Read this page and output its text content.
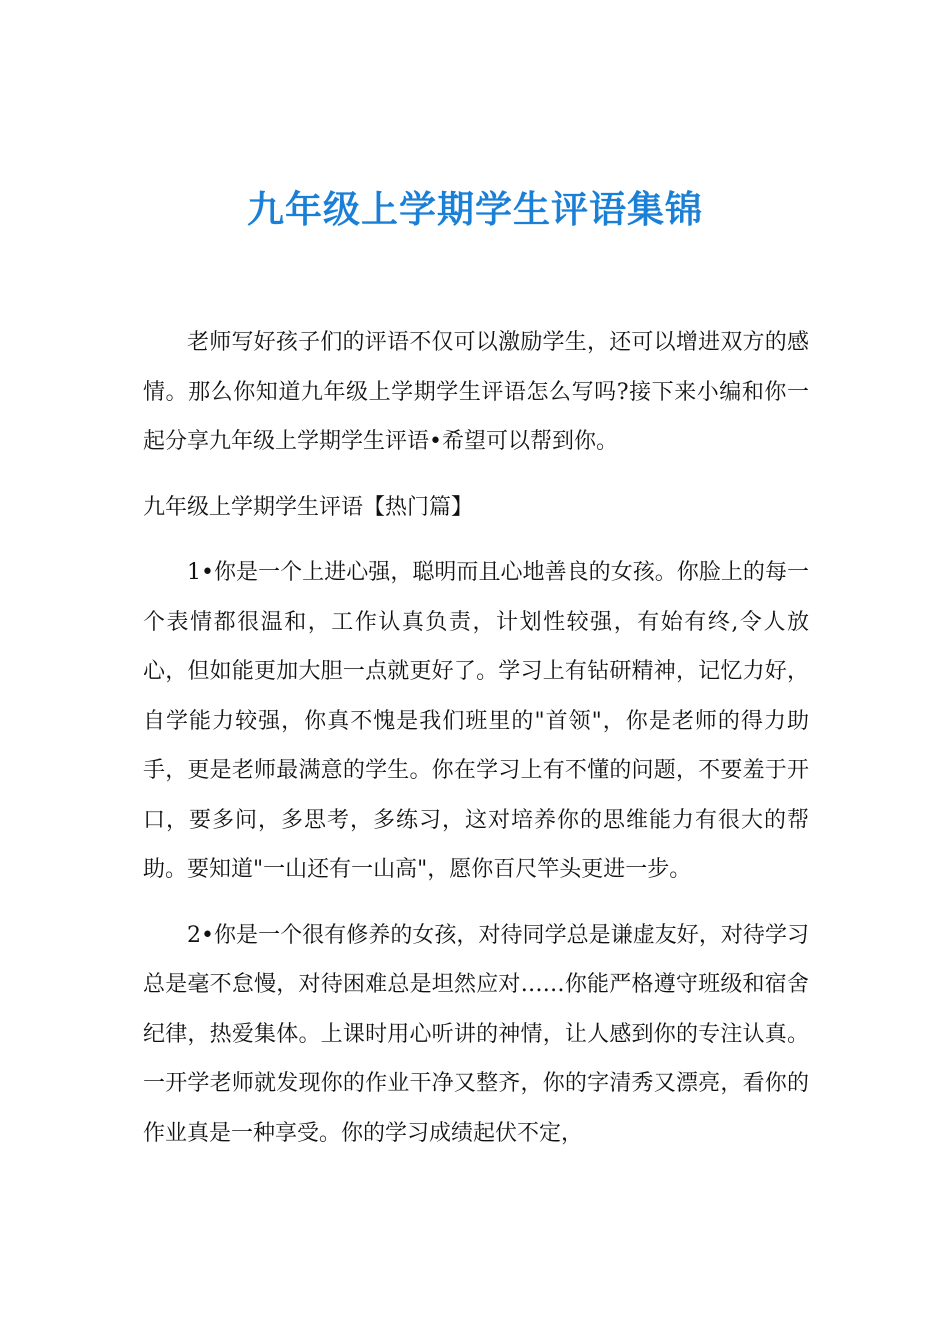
九年级上学期学生评语集锦

老师写好孩子们的评语不仅可以激励学生，还可以增进双方的感情。那么你知道九年级上学期学生评语怎么写吗?接下来小编和你一起分享九年级上学期学生评语•希望可以帮到你。

九年级上学期学生评语【热门篇】

1•你是一个上进心强，聪明而且心地善良的女孩。你脸上的每一个表情都很温和，工作认真负责，计划性较强，有始有终,令人放心，但如能更加大胆一点就更好了。学习上有钻研精神，记忆力好，自学能力较强，你真不愧是我们班里的"首领"，你是老师的得力助手，更是老师最满意的学生。你在学习上有不懂的问题，不要羞于开口，要多问，多思考，多练习，这对培养你的思维能力有很大的帮助。要知道"一山还有一山高"，愿你百尺竿头更进一步。

2•你是一个很有修养的女孩，对待同学总是谦虚友好，对待学习总是毫不怠慢，对待困难总是坦然应对……你能严格遵守班级和宿舍纪律，热爱集体。上课时用心听讲的神情，让人感到你的专注认真。一开学老师就发现你的作业干净又整齐，你的字清秀又漂亮，看你的作业真是一种享受。你的学习成绩起伏不定，
